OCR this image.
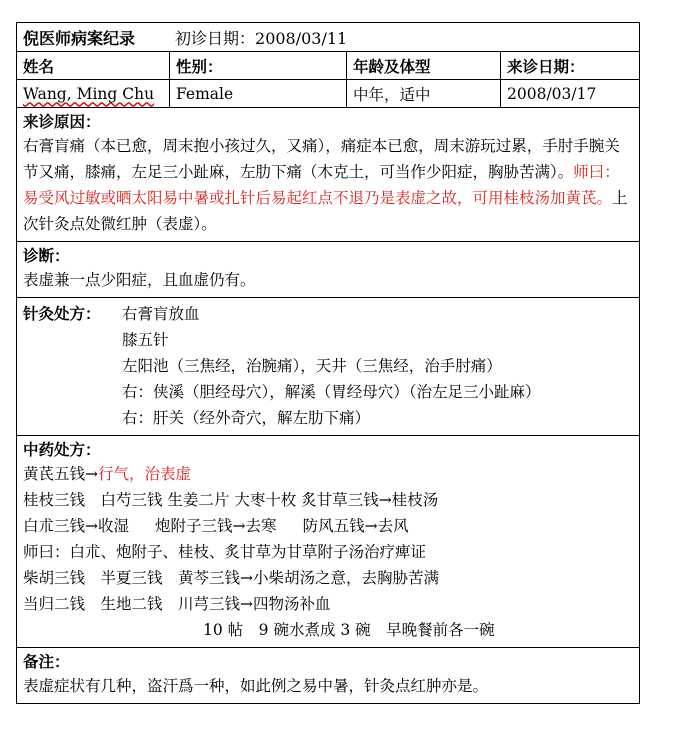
倪医师病案纪录	初诊日期：2008/03/11
姓名	性别：	年龄及体型	来诊日期：
Wang, Ming Chu	Female	中年，适中	2008/03/17
来诊原因：
右膏肓痛（本已愈，周末抱小孩过久，又痛），痛症本已愈，周末游玩过累，手肘手腕关节又痛，膝痛，左足三小趾麻，左肋下痛（木克土，可当作少阳症，胸胁苦满）。师曰：易受风过敏或晒太阳易中暑或扎针后易起红点不退乃是表虚之故，可用桂枝汤加黄芪。上次针灸点处微红肿（表虚）。
诊断：
表虚兼一点少阳症，且血虚仍有。
针灸处方：	右膏肓放血
膝五针
左阳池（三焦经，治腕痛），天井（三焦经，治手肘痛）
右：侠溪（胆经母穴），解溪（胃经母穴）（治左足三小趾麻）
右：肝关（经外奇穴，解左肋下痛）
中药处方：
黄芪五钱→行气，治表虚
桂枝三钱　白芍三钱 生姜二片 大枣十枚 炙甘草三钱→桂枝汤
白朮三钱→收湿 炮附子三钱→去寒 防风五钱→去风
师曰：白朮、炮附子、桂枝、炙甘草为甘草附子汤治疗痺证
柴胡三钱　半夏三钱　黄芩三钱→小柴胡汤之意，去胸胁苦满
当归二钱　生地二钱　川芎三钱→四物汤补血
10 帖　9 碗水煮成 3 碗　早晚餐前各一碗
备注：
表虚症状有几种，盗汗爲一种，如此例之易中暑，针灸点红肿亦是。
